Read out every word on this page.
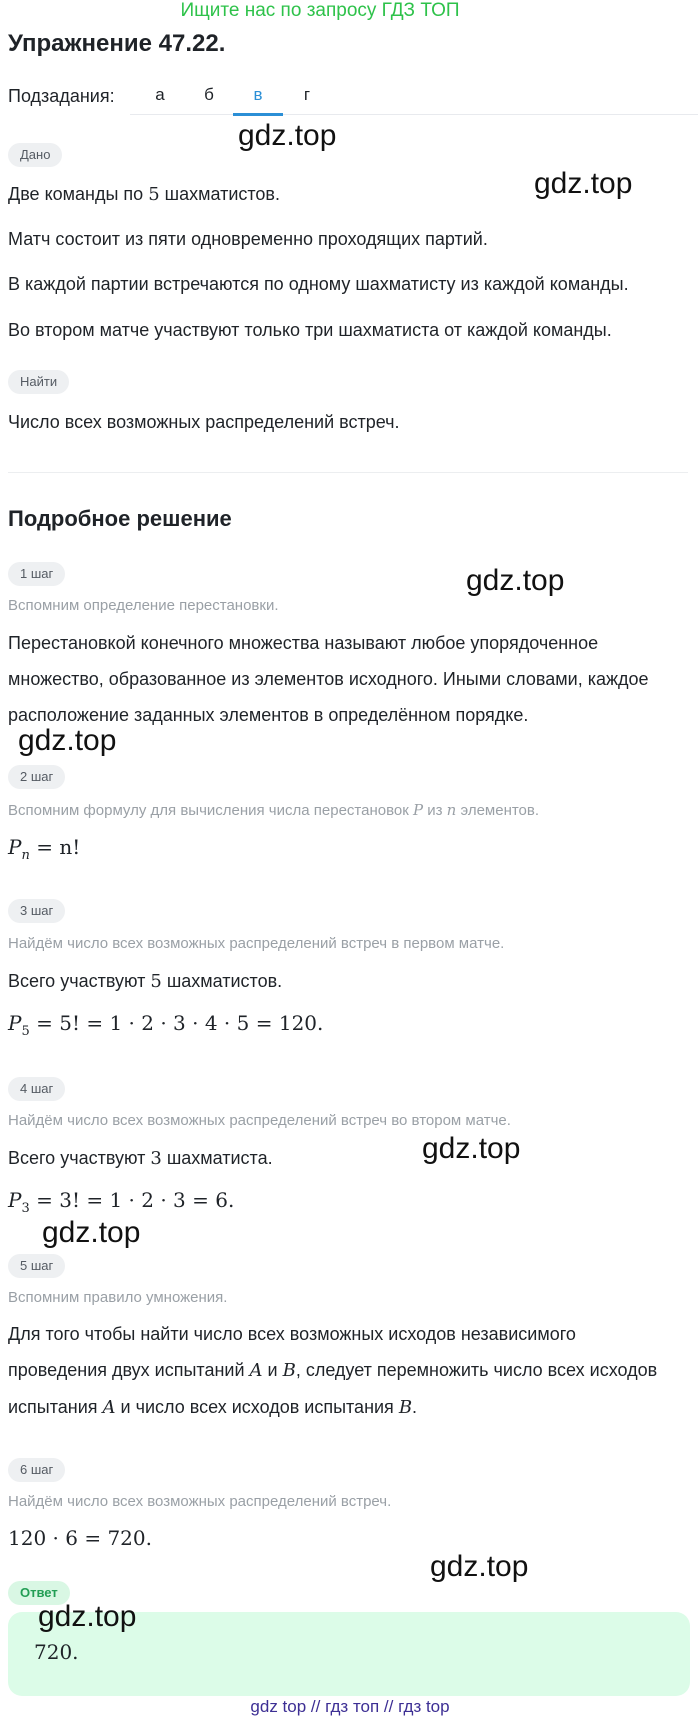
Ищите нас по запросу ГДЗ ТОП
Упражнение 47.22.
Подзадания:	а	б	в	г
Дано
Две команды по 5 шахматистов.
Матч состоит из пяти одновременно проходящих партий.
В каждой партии встречаются по одному шахматисту из каждой команды.
Во втором матче участвуют только три шахматиста от каждой команды.
Найти
Число всех возможных распределений встреч.
Подробное решение
1 шаг
Вспомним определение перестановки.
Перестановкой конечного множества называют любое упорядоченное
множество, образованное из элементов исходного. Иными словами, каждое
расположение заданных элементов в определённом порядке.
2 шаг
Вспомним формулу для вычисления числа перестановок P из n элементов.
$P_n = n$!
3 шаг
Найдём число всех возможных распределений встреч в первом матче.
Всего участвуют 5 шахматистов.
$P_5 = 5$! = 1 · 2 · 3 · 4 · 5 = 120.
4 шаг
Найдём число всех возможных распределений встреч во втором матче.
Всего участвуют 3 шахматиста.
$P_3 = 3$! = 1 · 2 · 3 = 6.
5 шаг
Вспомним правило умножения.
Для того чтобы найти число всех возможных исходов независимого
проведения двух испытаний A и B, следует перемножить число всех исходов
испытания A и число всех исходов испытания B.
6 шаг
Найдём число всех возможных распределений встреч.
120 · 6 = 720.
Ответ
720.
gdz.top
gdz.top
gdz.top
gdz.top
gdz.top
gdz.top
gdz.top
gdz.top
gdz top // гдз топ // гдз top
